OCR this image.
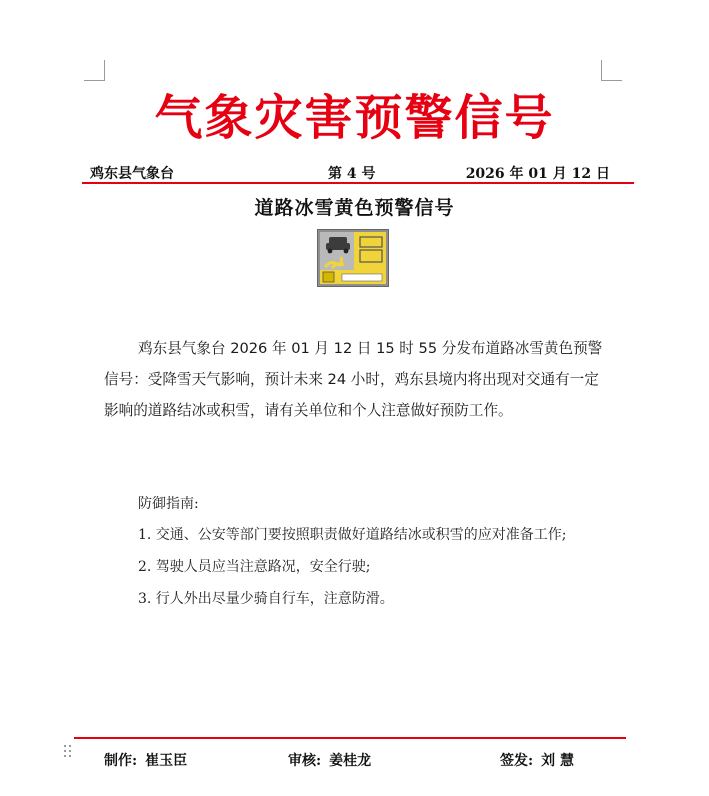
气象灾害预警信号
鸡东县气象台	第 4 号	2026 年 01 月 12 日
道路冰雪黄色预警信号

鸡东县气象台 2026 年 01 月 12 日 15 时 55 分发布道路冰雪黄色预警信号：受降雪天气影响，预计未来 24 小时，鸡东县境内将出现对交通有一定影响的道路结冰或积雪，请有关单位和个人注意做好预防工作。

防御指南:

1. 交通、公安等部门要按照职责做好道路结冰或积雪的应对准备工作;
2. 驾驶人员应当注意路况，安全行驶;
3. 行人外出尽量少骑自行车，注意防滑。
制作: 崔玉臣	审核: 姜桂龙	签发: 刘 慧
